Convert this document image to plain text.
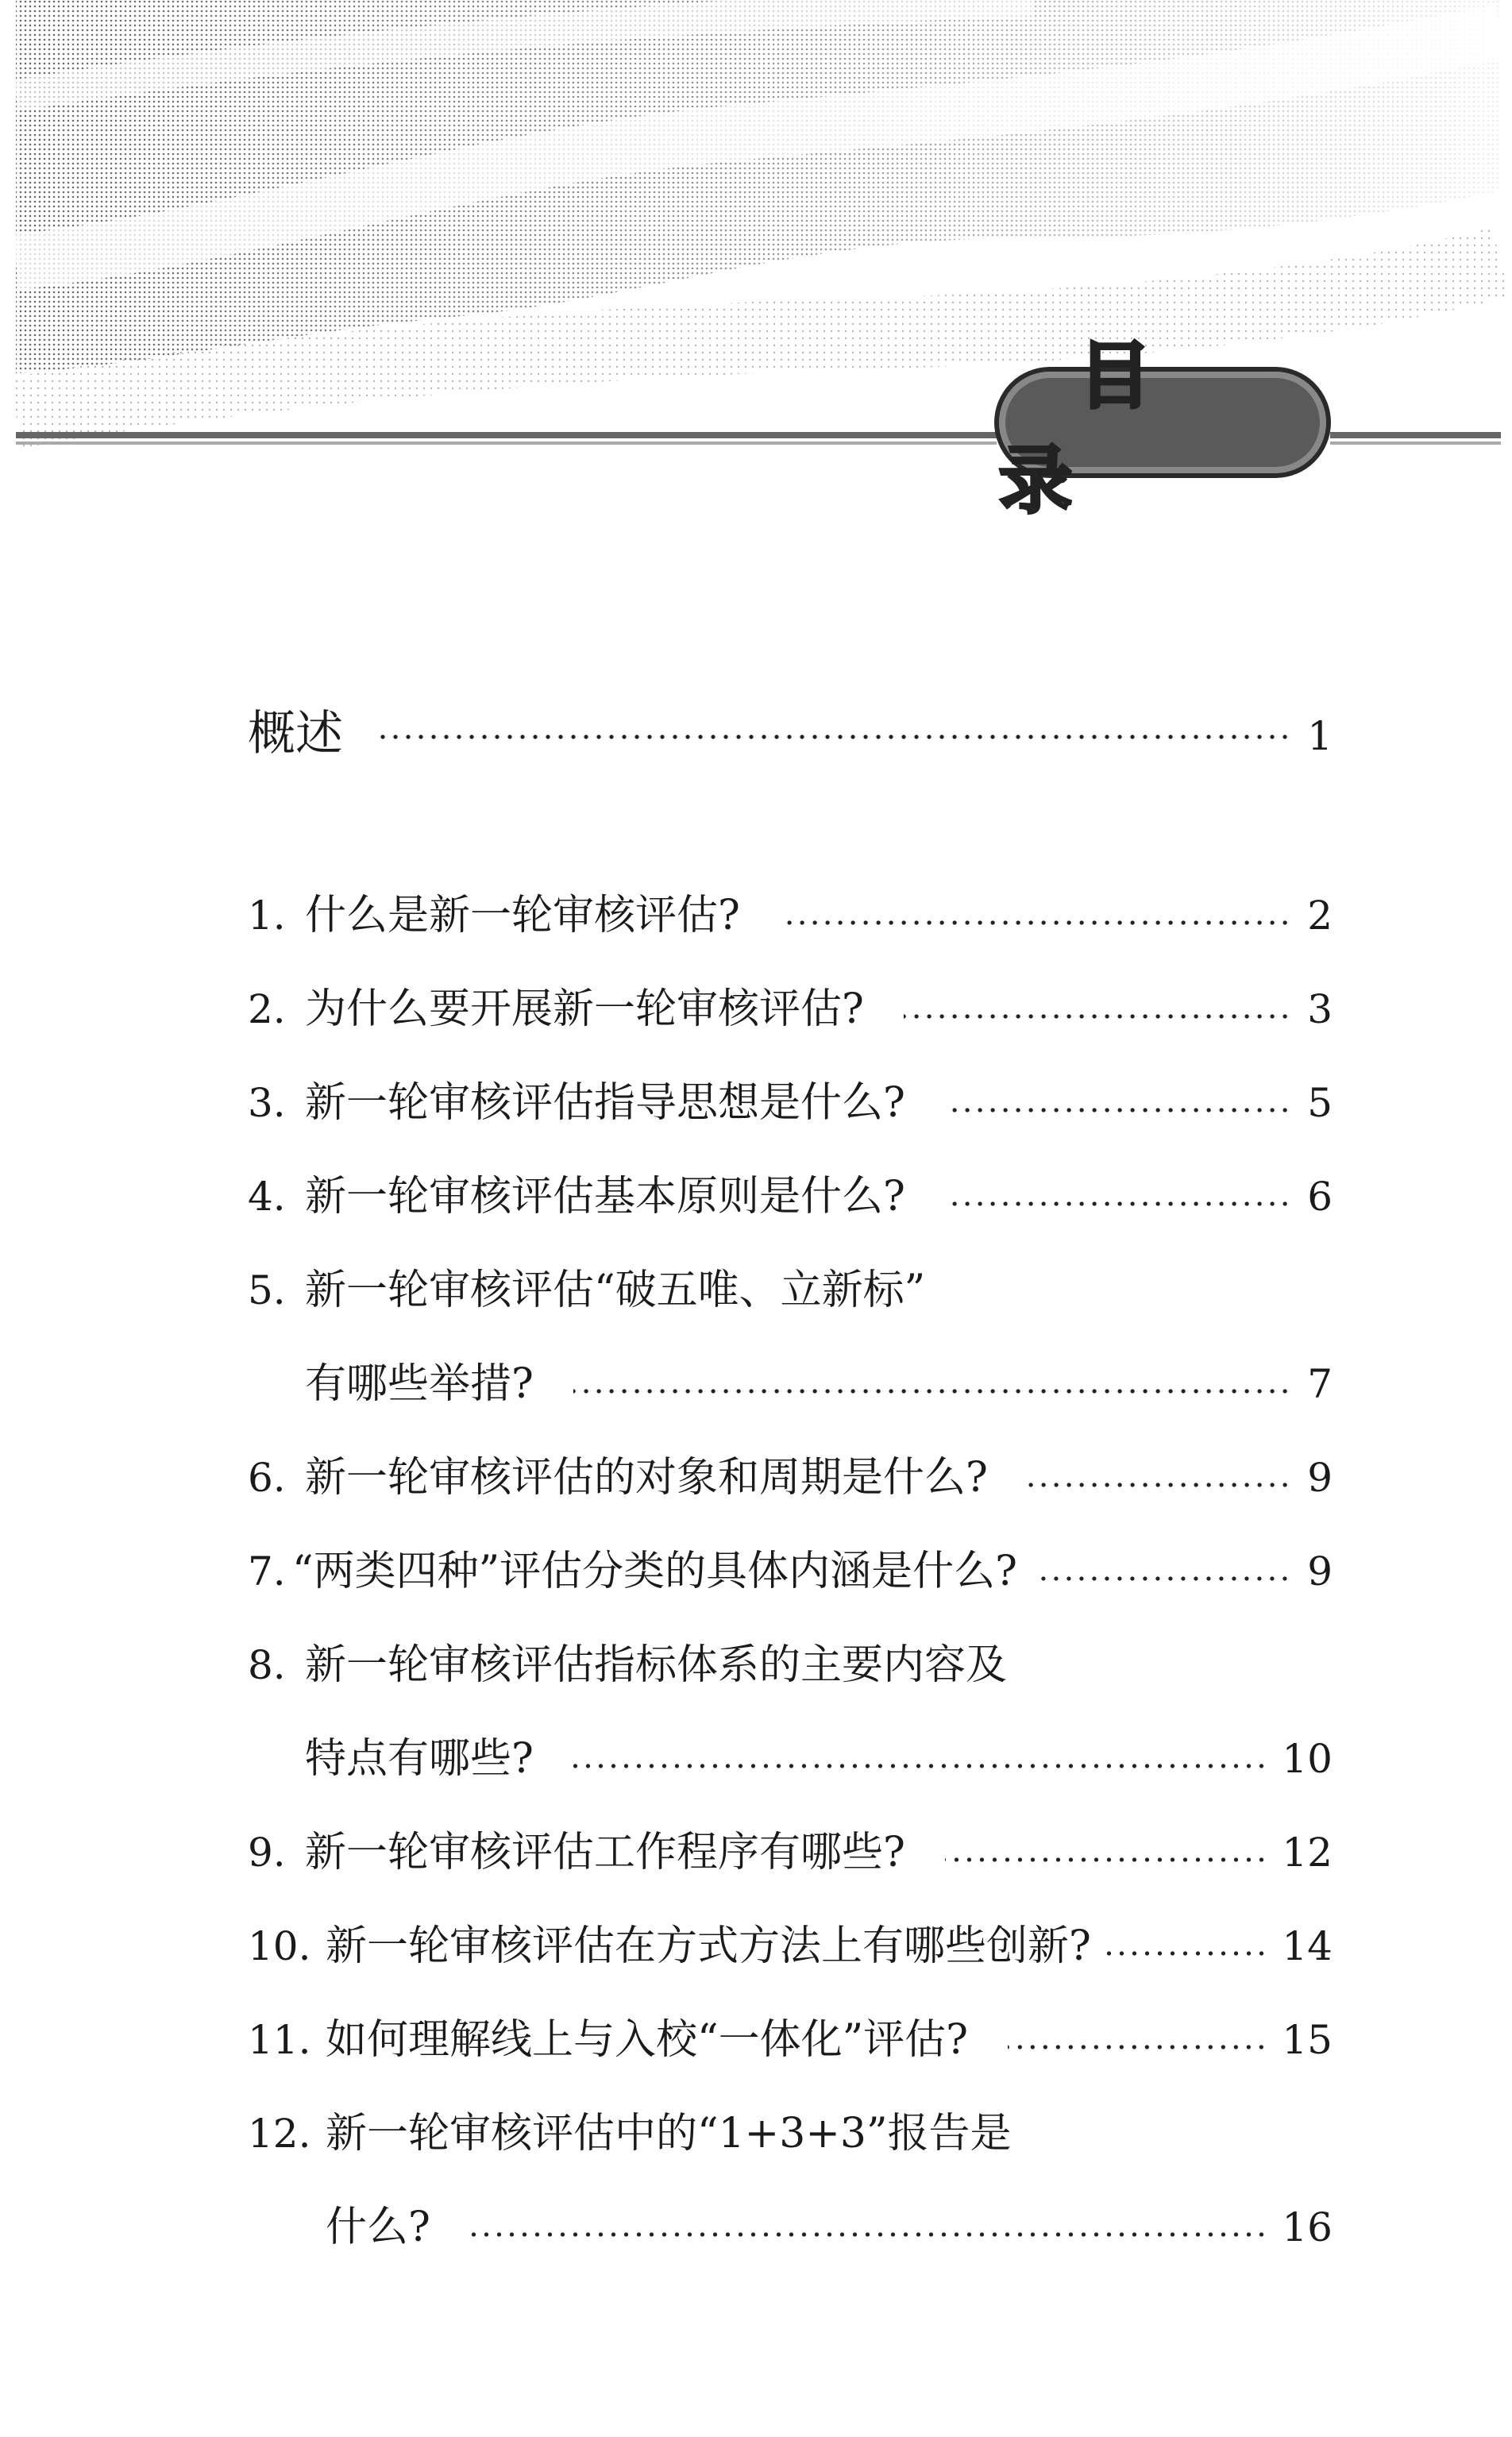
目 录
概述	1
1. 什么是新一轮审核评估?	2
2. 为什么要开展新一轮审核评估?	3
3. 新一轮审核评估指导思想是什么?	5
4. 新一轮审核评估基本原则是什么?	6
5. 新一轮审核评估“破五唯、立新标”
有哪些举措?	7
6. 新一轮审核评估的对象和周期是什么?	9
7. “两类四种”评估分类的具体内涵是什么?	9
8. 新一轮审核评估指标体系的主要内容及
特点有哪些?	10
9. 新一轮审核评估工作程序有哪些?	12
10. 新一轮审核评估在方式方法上有哪些创新?	14
11. 如何理解线上与入校“一体化”评估?	15
12. 新一轮审核评估中的“1+3+3”报告是
什么?	16
